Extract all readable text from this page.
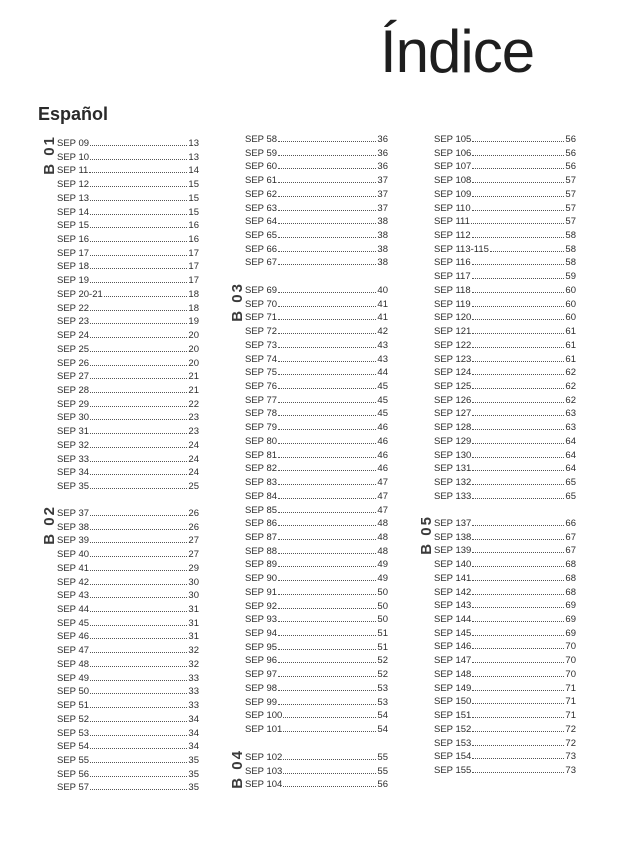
Índice
Español
B 01 SEP 09	13
SEP 10	13
SEP 11	14
SEP 12	15
SEP 13	15
SEP 14	15
SEP 15	16
SEP 16	16
SEP 17	17
SEP 18	17
SEP 19	17
SEP 20-21	18
SEP 22	18
SEP 23	19
SEP 24	20
SEP 25	20
SEP 26	20
SEP 27	21
SEP 28	21
SEP 29	22
SEP 30	23
SEP 31	23
SEP 32	24
SEP 33	24
SEP 34	24
SEP 35	25
B 02 SEP 37	26
SEP 38	26
SEP 39	27
SEP 40	27
SEP 41	29
SEP 42	30
SEP 43	30
SEP 44	31
SEP 45	31
SEP 46	31
SEP 47	32
SEP 48	32
SEP 49	33
SEP 50	33
SEP 51	33
SEP 52	34
SEP 53	34
SEP 54	34
SEP 55	35
SEP 56	35
SEP 57	35
SEP 58	36
SEP 59	36
SEP 60	36
SEP 61	37
SEP 62	37
SEP 63	37
SEP 64	38
SEP 65	38
SEP 66	38
SEP 67	38
B 03 SEP 69	40
SEP 70	41
SEP 71	41
SEP 72	42
SEP 73	43
SEP 74	43
SEP 75	44
SEP 76	45
SEP 77	45
SEP 78	45
SEP 79	46
SEP 80	46
SEP 81	46
SEP 82	46
SEP 83	47
SEP 84	47
SEP 85	47
SEP 86	48
SEP 87	48
SEP 88	48
SEP 89	49
SEP 90	49
SEP 91	50
SEP 92	50
SEP 93	50
SEP 94	51
SEP 95	51
SEP 96	52
SEP 97	52
SEP 98	53
SEP 99	53
SEP 100	54
SEP 101	54
B 04 SEP 102	55
SEP 103	55
SEP 104	56
SEP 105	56
SEP 106	56
SEP 107	56
SEP 108	57
SEP 109	57
SEP 110	57
SEP 111	57
SEP 112	58
SEP 113-115	58
SEP 116	58
SEP 117	59
SEP 118	60
SEP 119	60
SEP 120	60
SEP 121	61
SEP 122	61
SEP 123	61
SEP 124	62
SEP 125	62
SEP 126	62
SEP 127	63
SEP 128	63
SEP 129	64
SEP 130	64
SEP 131	64
SEP 132	65
SEP 133	65
B 05 SEP 137	66
SEP 138	67
SEP 139	67
SEP 140	68
SEP 141	68
SEP 142	68
SEP 143	69
SEP 144	69
SEP 145	69
SEP 146	70
SEP 147	70
SEP 148	70
SEP 149	71
SEP 150	71
SEP 151	71
SEP 152	72
SEP 153	72
SEP 154	73
SEP 155	73
